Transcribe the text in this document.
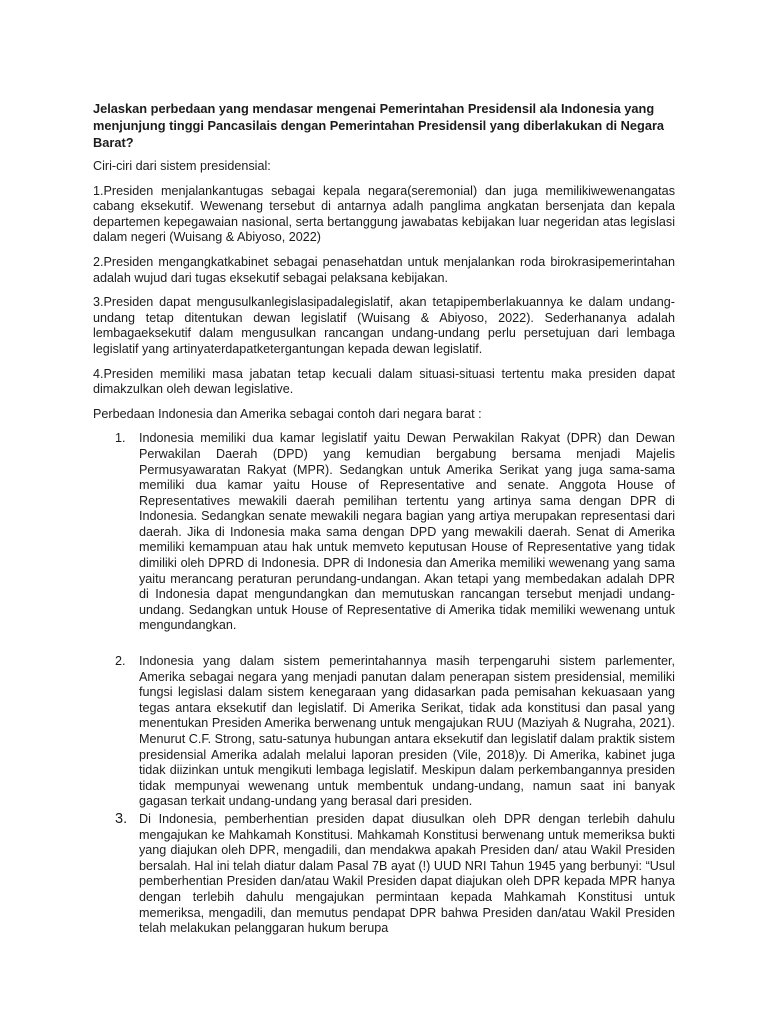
Jelaskan perbedaan yang mendasar mengenai Pemerintahan Presidensil ala Indonesia yang menjunjung tinggi Pancasilais dengan Pemerintahan Presidensil yang diberlakukan di Negara Barat?

Ciri-ciri dari sistem presidensial:

1.Presiden menjalankantugas sebagai kepala negara(seremonial) dan juga memilikiwewenangatas cabang eksekutif. Wewenang tersebut di antarnya adalh panglima angkatan bersenjata dan kepala departemen kepegawaian nasional, serta bertanggung jawabatas kebijakan luar negeridan atas legislasi dalam negeri (Wuisang & Abiyoso, 2022)

2.Presiden mengangkatkabinet sebagai penasehatdan untuk menjalankan roda birokrasipemerintahan adalah wujud dari tugas eksekutif sebagai pelaksana kebijakan.

3.Presiden dapat mengusulkanlegislasipadalegislatif, akan tetapipemberlakuannya ke dalam undang-undang tetap ditentukan dewan legislatif (Wuisang & Abiyoso, 2022). Sederhananya adalah lembagaeksekutif dalam mengusulkan rancangan undang-undang perlu persetujuan dari lembaga legislatif yang artinyaterdapatketergantungan kepada dewan legislatif.

4.Presiden memiliki masa jabatan tetap kecuali dalam situasi-situasi tertentu maka presiden dapat dimakzulkan oleh dewan legislative.

Perbedaan Indonesia dan Amerika sebagai contoh dari negara barat :

1. Indonesia memiliki dua kamar legislatif yaitu Dewan Perwakilan Rakyat (DPR) dan Dewan Perwakilan Daerah (DPD) yang kemudian bergabung bersama menjadi Majelis Permusyawaratan Rakyat (MPR). Sedangkan untuk Amerika Serikat yang juga sama-sama memiliki dua kamar yaitu House of Representative and senate. Anggota House of Representatives mewakili daerah pemilihan tertentu yang artinya sama dengan DPR di Indonesia. Sedangkan senate mewakili negara bagian yang artiya merupakan representasi dari daerah. Jika di Indonesia maka sama dengan DPD yang mewakili daerah. Senat di Amerika memiliki kemampuan atau hak untuk memveto keputusan House of Representative yang tidak dimiliki oleh DPRD di Indonesia. DPR di Indonesia dan Amerika memiliki wewenang yang sama yaitu merancang peraturan perundang-undangan. Akan tetapi yang membedakan adalah DPR di Indonesia dapat mengundangkan dan memutuskan rancangan tersebut menjadi undang-undang. Sedangkan untuk House of Representative di Amerika tidak memiliki wewenang untuk mengundangkan.
2. Indonesia yang dalam sistem pemerintahannya masih terpengaruhi sistem parlementer, Amerika sebagai negara yang menjadi panutan dalam penerapan sistem presidensial, memiliki fungsi legislasi dalam sistem kenegaraan yang didasarkan pada pemisahan kekuasaan yang tegas antara eksekutif dan legislatif. Di Amerika Serikat, tidak ada konstitusi dan pasal yang menentukan Presiden Amerika berwenang untuk mengajukan RUU (Maziyah & Nugraha, 2021). Menurut C.F. Strong, satu-satunya hubungan antara eksekutif dan legislatif dalam praktik sistem presidensial Amerika adalah melalui laporan presiden (Vile, 2018)y. Di Amerika, kabinet juga tidak diizinkan untuk mengikuti lembaga legislatif. Meskipun dalam perkembangannya presiden tidak mempunyai wewenang untuk membentuk undang-undang, namun saat ini banyak gagasan terkait undang-undang yang berasal dari presiden.
3. Di Indonesia, pemberhentian presiden dapat diusulkan oleh DPR dengan terlebih dahulu mengajukan ke Mahkamah Konstitusi. Mahkamah Konstitusi berwenang untuk memeriksa bukti yang diajukan oleh DPR, mengadili, dan mendakwa apakah Presiden dan/ atau Wakil Presiden bersalah. Hal ini telah diatur dalam Pasal 7B ayat (!) UUD NRI Tahun 1945 yang berbunyi: “Usul pemberhentian Presiden dan/atau Wakil Presiden dapat diajukan oleh DPR kepada MPR hanya dengan terlebih dahulu mengajukan permintaan kepada Mahkamah Konstitusi untuk memeriksa, mengadili, dan memutus pendapat DPR bahwa Presiden dan/atau Wakil Presiden telah melakukan pelanggaran hukum berupa
